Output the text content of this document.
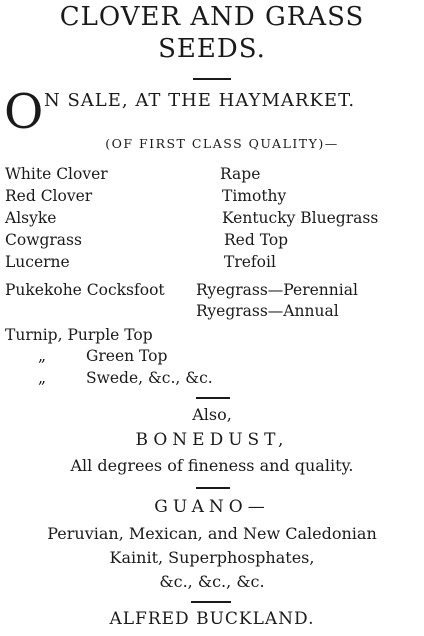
CLOVER AND GRASS
SEEDS.
O N SALE, AT THE HAYMARKET.
(OF FIRST CLASS QUALITY)—
White Clover
Red Clover
Alsyke
Cowgrass
Lucerne
Rape
Timothy
Kentucky Bluegrass
Red Top
Trefoil
Pukekohe Cocksfoot Ryegrass—Perennial
Ryegrass—Annual
Turnip, Purple Top
„	Green Top
„	Swede, &c., &c.
Also,
BONEDUST,
All degrees of fineness and quality.
GUANO—
Peruvian, Mexican, and New Caledonian
Kainit, Superphosphates,
&c., &c., &c.
ALFRED BUCKLAND.
